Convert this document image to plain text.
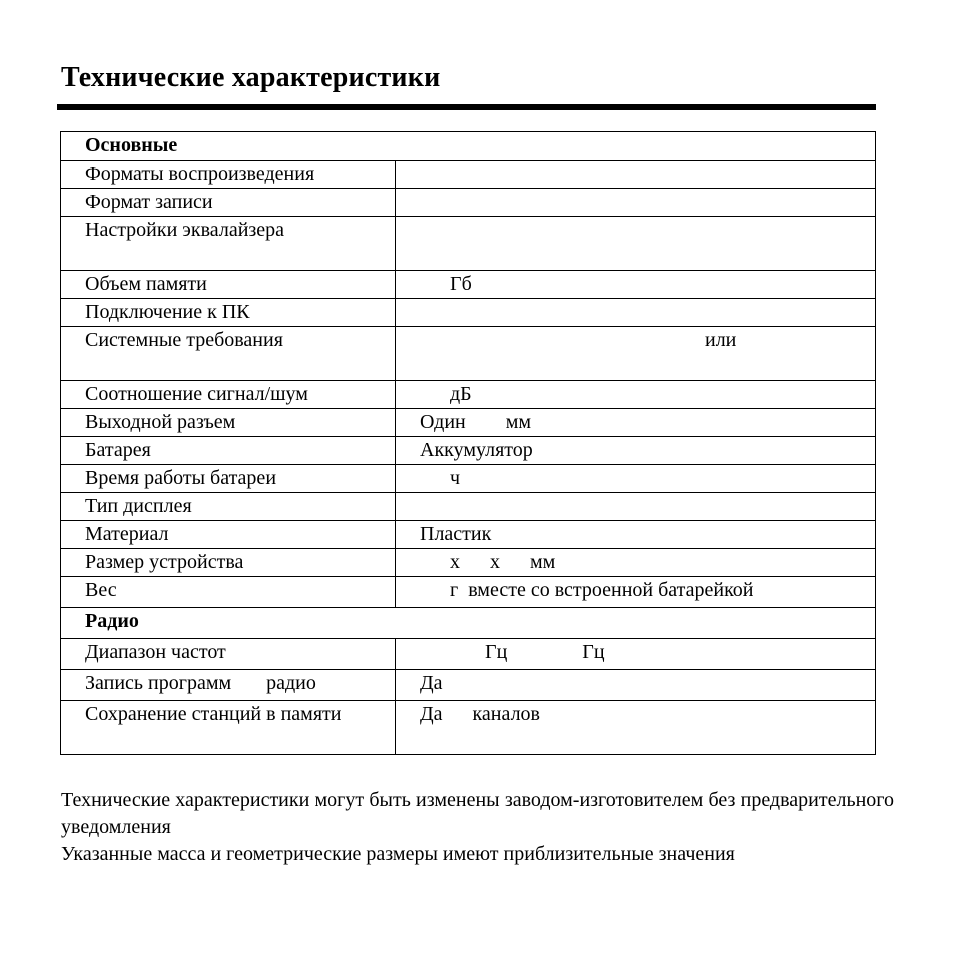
Технические характеристики
Основные	
Форматы воспроизведения	
Формат записи	
Настройки эквалайзера	
Объем памяти	Гб
Подключение к ПК	
Системные требования	или
Соотношение сигнал/шум	дБ
Выходной разъем	Один        мм
Батарея	Аккумулятор
Время работы батареи	ч
Тип дисплея	
Материал	Пластик
Размер устройства	х      х      мм
Вес	г  вместе со встроенной батарейкой
Радио	
Диапазон частот	Гц               Гц
Запись программ       радио	Да
Сохранение станций в памяти	Да      каналов
Технические характеристики могут быть изменены заводом-изготовителем без предварительного уведомления
Указанные масса и геометрические размеры имеют приблизительные значения
